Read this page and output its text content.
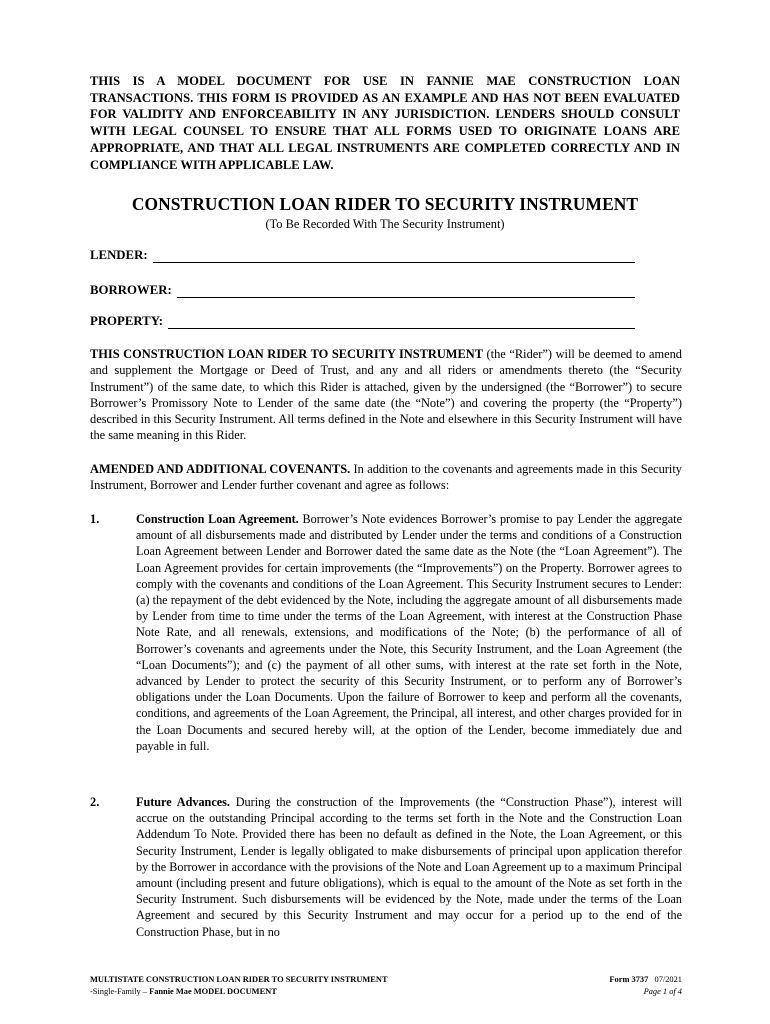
THIS IS A MODEL DOCUMENT FOR USE IN FANNIE MAE CONSTRUCTION LOAN TRANSACTIONS. THIS FORM IS PROVIDED AS AN EXAMPLE AND HAS NOT BEEN EVALUATED FOR VALIDITY AND ENFORCEABILITY IN ANY JURISDICTION. LENDERS SHOULD CONSULT WITH LEGAL COUNSEL TO ENSURE THAT ALL FORMS USED TO ORIGINATE LOANS ARE APPROPRIATE, AND THAT ALL LEGAL INSTRUMENTS ARE COMPLETED CORRECTLY AND IN COMPLIANCE WITH APPLICABLE LAW.
CONSTRUCTION LOAN RIDER TO SECURITY INSTRUMENT
(To Be Recorded With The Security Instrument)
LENDER:
BORROWER:
PROPERTY:
THIS CONSTRUCTION LOAN RIDER TO SECURITY INSTRUMENT (the “Rider”) will be deemed to amend and supplement the Mortgage or Deed of Trust, and any and all riders or amendments thereto (the “Security Instrument”) of the same date, to which this Rider is attached, given by the undersigned (the “Borrower”) to secure Borrower’s Promissory Note to Lender of the same date (the “Note”) and covering the property (the “Property”) described in this Security Instrument. All terms defined in the Note and elsewhere in this Security Instrument will have the same meaning in this Rider.
AMENDED AND ADDITIONAL COVENANTS. In addition to the covenants and agreements made in this Security Instrument, Borrower and Lender further covenant and agree as follows:
1.	Construction Loan Agreement. Borrower’s Note evidences Borrower’s promise to pay Lender the aggregate amount of all disbursements made and distributed by Lender under the terms and conditions of a Construction Loan Agreement between Lender and Borrower dated the same date as the Note (the “Loan Agreement”). The Loan Agreement provides for certain improvements (the “Improvements”) on the Property. Borrower agrees to comply with the covenants and conditions of the Loan Agreement. This Security Instrument secures to Lender: (a) the repayment of the debt evidenced by the Note, including the aggregate amount of all disbursements made by Lender from time to time under the terms of the Loan Agreement, with interest at the Construction Phase Note Rate, and all renewals, extensions, and modifications of the Note; (b) the performance of all of Borrower’s covenants and agreements under the Note, this Security Instrument, and the Loan Agreement (the “Loan Documents”); and (c) the payment of all other sums, with interest at the rate set forth in the Note, advanced by Lender to protect the security of this Security Instrument, or to perform any of Borrower’s obligations under the Loan Documents. Upon the failure of Borrower to keep and perform all the covenants, conditions, and agreements of the Loan Agreement, the Principal, all interest, and other charges provided for in the Loan Documents and secured hereby will, at the option of the Lender, become immediately due and payable in full.
2.	Future Advances. During the construction of the Improvements (the “Construction Phase”), interest will accrue on the outstanding Principal according to the terms set forth in the Note and the Construction Loan Addendum To Note. Provided there has been no default as defined in the Note, the Loan Agreement, or this Security Instrument, Lender is legally obligated to make disbursements of principal upon application therefor by the Borrower in accordance with the provisions of the Note and Loan Agreement up to a maximum Principal amount (including present and future obligations), which is equal to the amount of the Note as set forth in the Security Instrument. Such disbursements will be evidenced by the Note, made under the terms of the Loan Agreement and secured by this Security Instrument and may occur for a period up to the end of the Construction Phase, but in no
MULTISTATE CONSTRUCTION LOAN RIDER TO SECURITY INSTRUMENT
-Single-Family – Fannie Mae MODEL DOCUMENT
Form 3737 07/2021
Page 1 of 4
